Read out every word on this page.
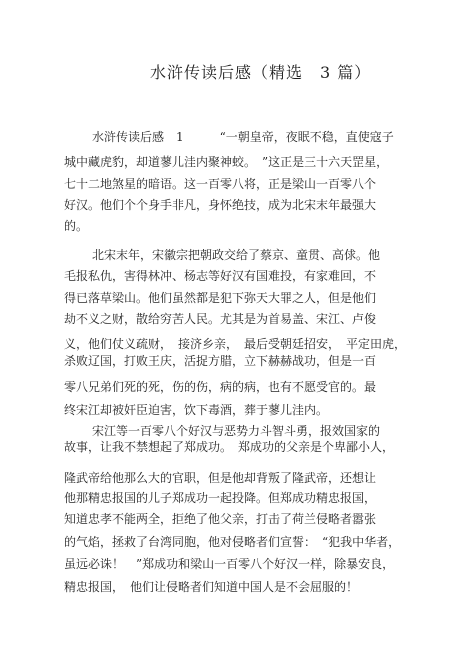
水浒传读后感（精选　3 篇）
水浒传读后感　1　　　“一朝皇帝，夜眠不稳，直使寇子
城中藏虎豹，却道蓼儿洼内聚神蛟。　”这正是三十六天罡星，
七十二地煞星的暗语。这一百零八将，正是梁山一百零八个
好汉。他们个个身手非凡，身怀绝技，成为北宋末年最强大
的。
北宋末年，宋徽宗把朝政交给了蔡京、童贯、高俅。他
毛报私仇，害得林冲、杨志等好汉有国难投，有家难回，不
得已落草梁山。他们虽然都是犯下弥天大罪之人，但是他们
劫不义之财，散给穷苦人民。尤其是为首易盖、宋江、卢俊
义，他们仗义疏财，　接济乡亲，　最后受朝廷招安，　平定田虎，
杀败辽国，打败王庆，活捉方腊，立下赫赫战功，但是一百
零八兄弟们死的死，伤的伤，病的病，也有不愿受官的。最
终宋江却被奸臣迫害，饮下毒酒，葬于蓼儿洼内。
宋江等一百零八个好汉与恶势力斗智斗勇，报效国家的
故事，让我不禁想起了郑成功。　郑成功的父亲是个卑鄙小人，
隆武帝给他那么大的官职，但是他却背叛了隆武帝，还想让
他那精忠报国的儿子郑成功一起投降。但郑成功精忠报国，
知道忠孝不能两全，拒绝了他父亲，打击了荷兰侵略者嚣张
的气焰，拯救了台湾同胞，他对侵略者们宣誓：　“犯我中华者，
虽远必诛！　”郑成功和梁山一百零八个好汉一样，除暴安良，
精忠报国，　他们让侵略者们知道中国人是不会屈服的！
